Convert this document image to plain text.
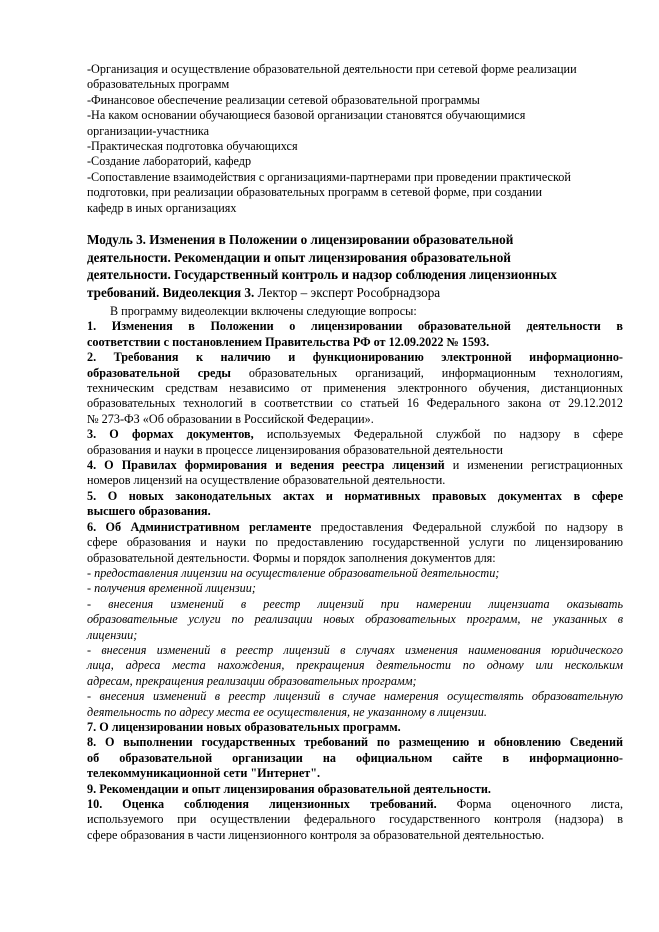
-Организация и осуществление образовательной деятельности при сетевой форме реализации
образовательных программ
-Финансовое обеспечение реализации сетевой образовательной программы
-На каком основании обучающиеся базовой организации становятся обучающимися
организации-участника
-Практическая подготовка обучающихся
-Создание лабораторий, кафедр
-Сопоставление взаимодействия с организациями-партнерами при проведении практической
подготовки, при реализации образовательных программ в сетевой форме, при создании
кафедр в иных организациях
Модуль 3. Изменения в Положении о лицензировании образовательной
деятельности. Рекомендации и опыт лицензирования образовательной
деятельности. Государственный контроль и надзор соблюдения лицензионных
требований. Видеолекция 3. Лектор – эксперт Рособрнадзора
В программу видеолекции включены следующие вопросы:
1. Изменения в Положении о лицензировании образовательной деятельности в
соответствии с постановлением Правительства РФ от 12.09.2022 № 1593.
2. Требования к наличию и функционированию электронной информационно-
образовательной среды образовательных организаций, информационным технологиям,
техническим средствам независимо от применения электронного обучения, дистанционных
образовательных технологий в соответствии со статьей 16 Федерального закона от 29.12.2012
№ 273-ФЗ «Об образовании в Российской Федерации».
3. О формах документов, используемых Федеральной службой по надзору в сфере
образования и науки в процессе лицензирования образовательной деятельности
4. О Правилах формирования и ведения реестра лицензий и изменении регистрационных
номеров лицензий на осуществление образовательной деятельности.
5. О новых законодательных актах и нормативных правовых документах в сфере
высшего образования.
6. Об Административном регламенте предоставления Федеральной службой по надзору в
сфере образования и науки по предоставлению государственной услуги по лицензированию
образовательной деятельности. Формы и порядок заполнения документов для:
- предоставления лицензии на осуществление образовательной деятельности;
- получения временной лицензии;
- внесения изменений в реестр лицензий при намерении лицензиата оказывать
образовательные услуги по реализации новых образовательных программ, не указанных в
лицензии;
- внесения изменений в реестр лицензий в случаях изменения наименования юридического
лица, адреса места нахождения, прекращения деятельности по одному или нескольким
адресам, прекращения реализации образовательных программ;
- внесения изменений в реестр лицензий в случае намерения осуществлять образовательную
деятельность по адресу места ее осуществления, не указанному в лицензии.
7. О лицензировании новых образовательных программ.
8. О выполнении государственных требований по размещению и обновлению Сведений
об образовательной организации на официальном сайте в информационно-
телекоммуникационной сети "Интернет".
9. Рекомендации и опыт лицензирования образовательной деятельности.
10. Оценка соблюдения лицензионных требований. Форма оценочного листа,
используемого при осуществлении федерального государственного контроля (надзора) в
сфере образования в части лицензионного контроля за образовательной деятельностью.
